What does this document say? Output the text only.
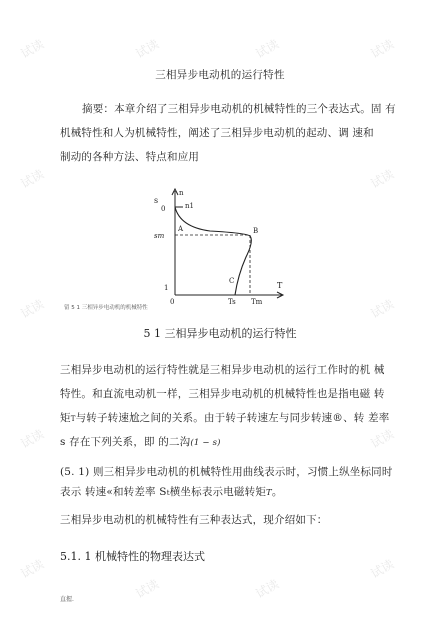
试读	试读	试读	试读
试读	试读
试读	试读
试读	试读
试读
试读	试读
试读
三相异步电动机的运行特性
摘要：本章介绍了三相异步电动机的机械特性的三个表达式。固 有
机械特性和人为机械特性，阐述了三相异步电动机的起动、调 速和
制动的各种方法、特点和应用
s
n
0	n1
A
sm
B
C
1
0	Ts Tm
T
留 5 1 三相异步电动机的机械特性
5 1 三相异步电动机的运行特性
三相异步电动机的运行特性就是三相异步电动机的运行工作时的机 械
特性。和直流电动机一样，三相异步电动机的机械特性也是指电磁 转
矩T与转子转速尬之间的关系。由于转子转速左与同步转速®、转 差率
s 存在下列关系，即 的二沟(1 − s)
(5. 1) 则三相异步电动机的机械特性用曲线表示时，习惯上纵坐标同时
表示 转速«和转差率 St横坐标表示电磁转矩T。
三相异步电动机的机械特性有三种表达式，现介绍如下：
5.1. 1 机械特性的物理表达式
直握.
